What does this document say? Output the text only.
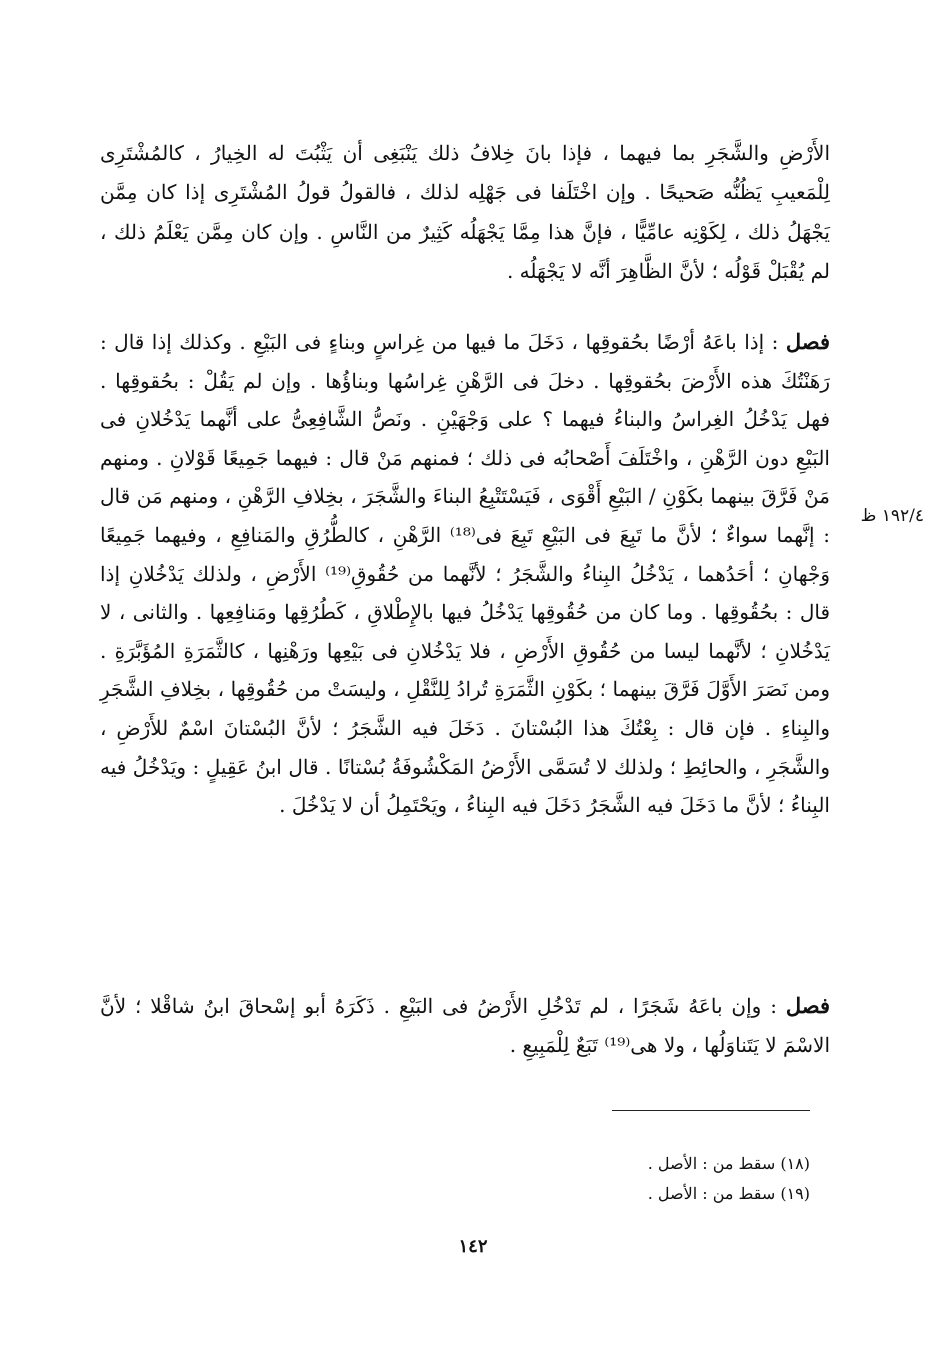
الأَرْضِ والشَّجَرِ بما فيهما ، فإذا بانَ خِلافُ ذلك يَنْبَغِى أن يَثْبُتَ له الخِيارُ ، كالمُشْتَرِى لِلْمَعيبِ يَظُنُّه صَحيحًا . وإن اخْتَلَفا فى جَهْلِه لذلك ، فالقولُ قولُ المُشْتَرِى إذا كان مِمَّن يَجْهَلُ ذلك ، لِكَوْنِه عامِّيًّا ، فإنَّ هذا مِمَّا يَجْهَلُه كَثِيرٌ من النَّاسِ . وإن كان مِمَّن يَعْلَمُ ذلك ، لم يُقْبَلْ قَوْلُه ؛ لأنَّ الظَّاهِرَ أنَّه لا يَجْهَلُه .

فصل : إذا باعَهُ أرْضًا بحُقوقِها ، دَخَلَ ما فيها من غِراسٍ وبناءٍ فى البَيْعِ . وكذلك إذا قال : رَهَنْتُكَ هذه الأَرْضَ بحُقوقِها . دخلَ فى الرَّهْنِ غِراسُها وبناؤُها . وإن لم يَقُلْ : بحُقوقِها . فهل يَدْخُلُ الغِراسُ والبناءُ فيهما ؟ على وَجْهَيْنِ . ونَصُّ الشَّافِعِىُّ على أنَّهما يَدْخُلانِ فى البَيْعِ دون الرَّهْنِ ، واخْتَلَفَ أَصْحابُه فى ذلك ؛ فمنهم مَنْ قال : فيهما جَمِيعًا قَوْلانِ . ومنهم مَنْ فَرَّقَ بينهما بكَوْنِ / البَيْعِ أَقْوَى ، فَيَسْتَتْبِعُ البناءَ والشَّجَرَ ، بخِلافِ الرَّهْنِ ، ومنهم مَن قال : إنَّهما سواءٌ ؛ لأنَّ ما تَبِعَ فى البَيْعِ تَبِعَ فى⁽¹⁸⁾ الرَّهْنِ ، كالطُّرُقِ والمَنافِعِ ، وفيهما جَمِيعًا وَجْهانِ ؛ أحَدُهما ، يَدْخُلُ البِناءُ والشَّجَرُ ؛ لأنَّهما من حُقُوقِ⁽¹⁹⁾ الأَرْضِ ، ولذلك يَدْخُلانِ إذا قال : بحُقُوقِها . وما كان من حُقُوقِها يَدْخُلُ فيها بالإِطْلاقِ ، كَطُرُقِها ومَنافِعِها . والثانى ، لا يَدْخُلانِ ؛ لأنَّهما ليسا من حُقُوقِ الأَرْضِ ، فلا يَدْخُلانِ فى بَيْعِها ورَهْنِها ، كالثَّمَرَةِ المُؤَبَّرَةِ . ومن نَصَرَ الأَوَّلَ فَرَّقَ بينهما ؛ بكَوْنِ الثَّمَرَةِ تُرادُ لِلنَّقْلِ ، وليسَتْ من حُقُوقِها ، بخِلافِ الشَّجَرِ والبِناءِ . فإن قال : بِعْتُكَ هذا البُسْتانَ . دَخَلَ فيه الشَّجَرُ ؛ لأنَّ البُسْتانَ اسْمٌ للأَرْضِ ، والشَّجَرِ ، والحائِطِ ؛ ولذلك لا تُسَمَّى الأَرْضُ المَكْشُوفَةُ بُسْتانًا . قال ابنُ عَقِيلٍ : ويَدْخُلُ فيه البِناءُ ؛ لأنَّ ما دَخَلَ فيه الشَّجَرُ دَخَلَ فيه البِناءُ ، ويَحْتَمِلُ أن لا يَدْخُلَ .

١٩٢/٤ ظ

فصل : وإن باعَهُ شَجَرًا ، لم تَدْخُلِ الأَرْضُ فى البَيْعِ . ذَكَرَهُ أبو إسْحاقَ ابنُ شاقْلا ؛ لأنَّ الاسْمَ لا يَتَناوَلُها ، ولا هى⁽¹⁹⁾ تَبَعٌ لِلْمَبِيعِ .

(١٨) سقط من : الأصل .

(١٩) سقط من : الأصل .

١٤٢
